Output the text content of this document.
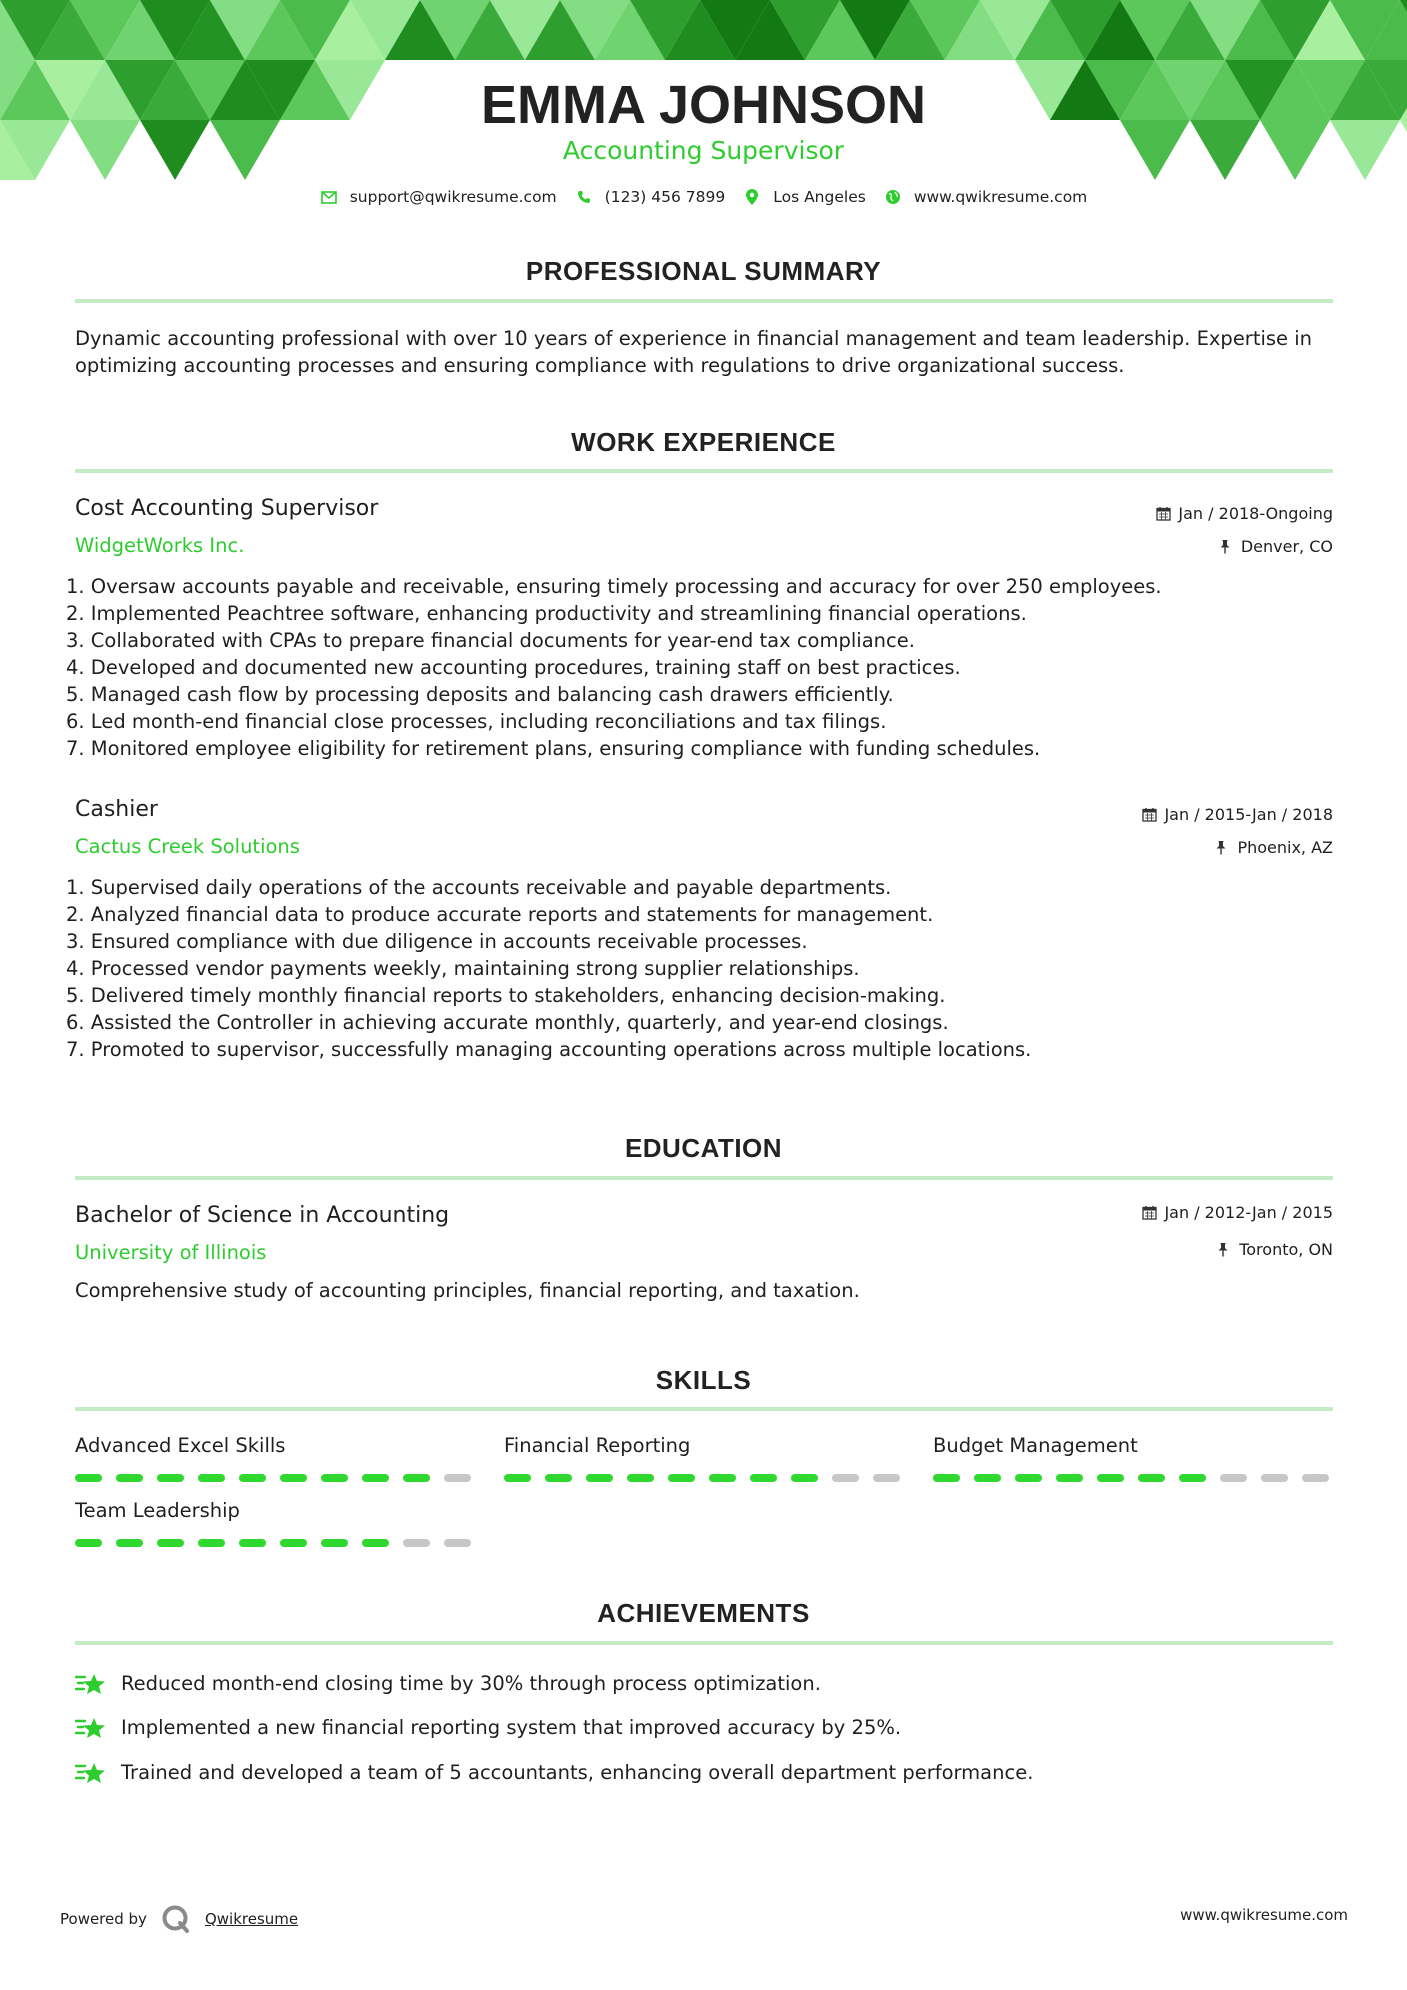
EMMA JOHNSON
Accounting Supervisor
support@qwikresume.com	(123) 456 7899	Los Angeles	www.qwikresume.com
PROFESSIONAL SUMMARY
Dynamic accounting professional with over 10 years of experience in financial management and team leadership. Expertise in optimizing accounting processes and ensuring compliance with regulations to drive organizational success.
WORK EXPERIENCE
Cost Accounting Supervisor
WidgetWorks Inc.
Jan / 2018-Ongoing
Denver, CO
1. Oversaw accounts payable and receivable, ensuring timely processing and accuracy for over 250 employees.
2. Implemented Peachtree software, enhancing productivity and streamlining financial operations.
3. Collaborated with CPAs to prepare financial documents for year-end tax compliance.
4. Developed and documented new accounting procedures, training staff on best practices.
5. Managed cash flow by processing deposits and balancing cash drawers efficiently.
6. Led month-end financial close processes, including reconciliations and tax filings.
7. Monitored employee eligibility for retirement plans, ensuring compliance with funding schedules.
Cashier
Cactus Creek Solutions
Jan / 2015-Jan / 2018
Phoenix, AZ
1. Supervised daily operations of the accounts receivable and payable departments.
2. Analyzed financial data to produce accurate reports and statements for management.
3. Ensured compliance with due diligence in accounts receivable processes.
4. Processed vendor payments weekly, maintaining strong supplier relationships.
5. Delivered timely monthly financial reports to stakeholders, enhancing decision-making.
6. Assisted the Controller in achieving accurate monthly, quarterly, and year-end closings.
7. Promoted to supervisor, successfully managing accounting operations across multiple locations.
EDUCATION
Bachelor of Science in Accounting
University of Illinois
Jan / 2012-Jan / 2015
Toronto, ON
Comprehensive study of accounting principles, financial reporting, and taxation.
SKILLS
Advanced Excel Skills	Financial Reporting	Budget Management
Team Leadership
ACHIEVEMENTS
Reduced month-end closing time by 30% through process optimization.
Implemented a new financial reporting system that improved accuracy by 25%.
Trained and developed a team of 5 accountants, enhancing overall department performance.
Powered by	Qwikresume	www.qwikresume.com
